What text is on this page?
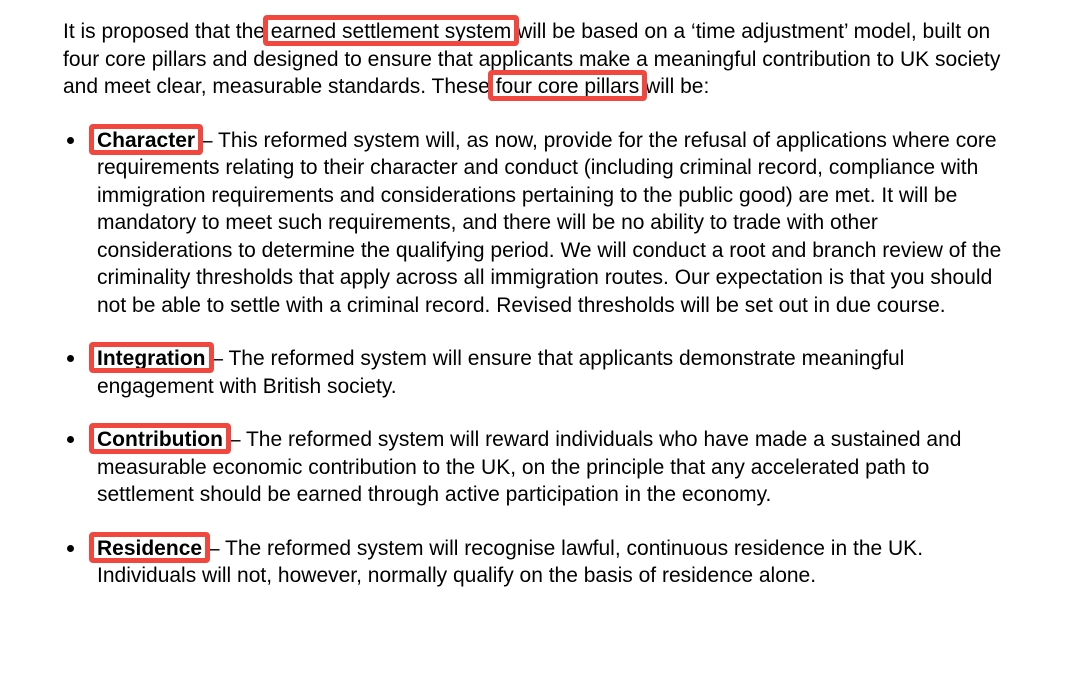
It is proposed that the earned settlement system will be based on a ‘time adjustment’ model, built on four core pillars and designed to ensure that applicants make a meaningful contribution to UK society and meet clear, measurable standards. These four core pillars will be:

Character – This reformed system will, as now, provide for the refusal of applications where core requirements relating to their character and conduct (including criminal record, compliance with immigration requirements and considerations pertaining to the public good) are met. It will be mandatory to meet such requirements, and there will be no ability to trade with other considerations to determine the qualifying period. We will conduct a root and branch review of the criminality thresholds that apply across all immigration routes. Our expectation is that you should not be able to settle with a criminal record. Revised thresholds will be set out in due course.
Integration – The reformed system will ensure that applicants demonstrate meaningful engagement with British society.
Contribution – The reformed system will reward individuals who have made a sustained and measurable economic contribution to the UK, on the principle that any accelerated path to settlement should be earned through active participation in the economy.
Residence – The reformed system will recognise lawful, continuous residence in the UK. Individuals will not, however, normally qualify on the basis of residence alone.
